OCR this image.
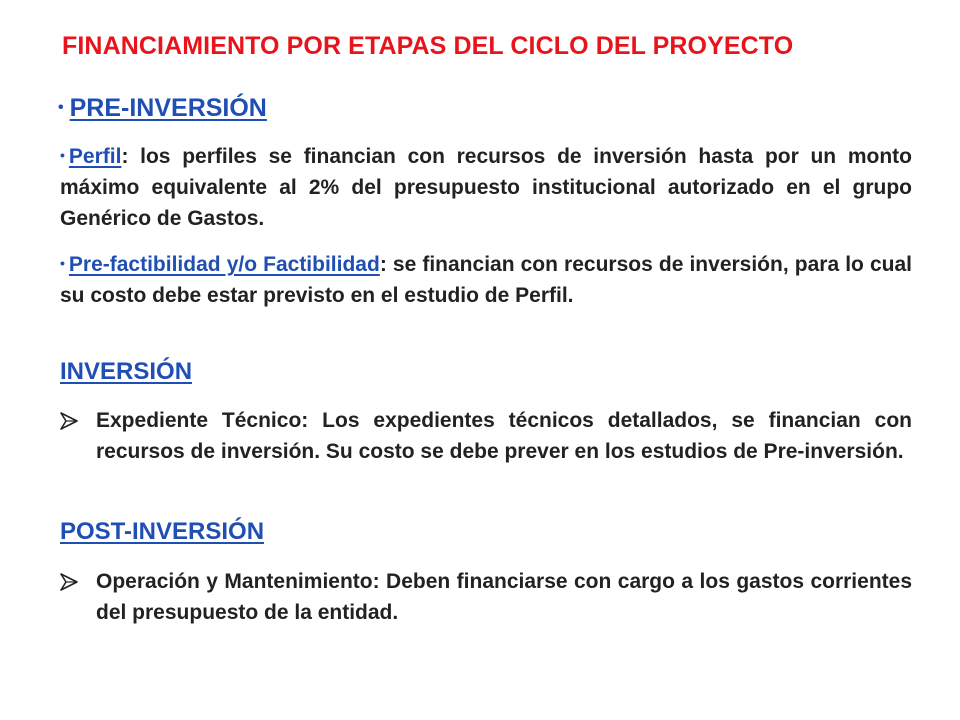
FINANCIAMIENTO POR ETAPAS DEL CICLO DEL PROYECTO
• PRE-INVERSIÓN
• Perfil: los perfiles se financian con recursos de inversión hasta por un monto máximo equivalente al 2% del presupuesto institucional autorizado en el grupo Genérico de Gastos.
• Pre-factibilidad y/o Factibilidad: se financian con recursos de inversión, para lo cual su costo debe estar previsto en el estudio de Perfil.
INVERSIÓN
Expediente Técnico: Los expedientes técnicos detallados, se financian con recursos de inversión. Su costo se debe prever en los estudios de Pre-inversión.
POST-INVERSIÓN
Operación y Mantenimiento: Deben financiarse con cargo a los gastos corrientes del presupuesto de la entidad.
